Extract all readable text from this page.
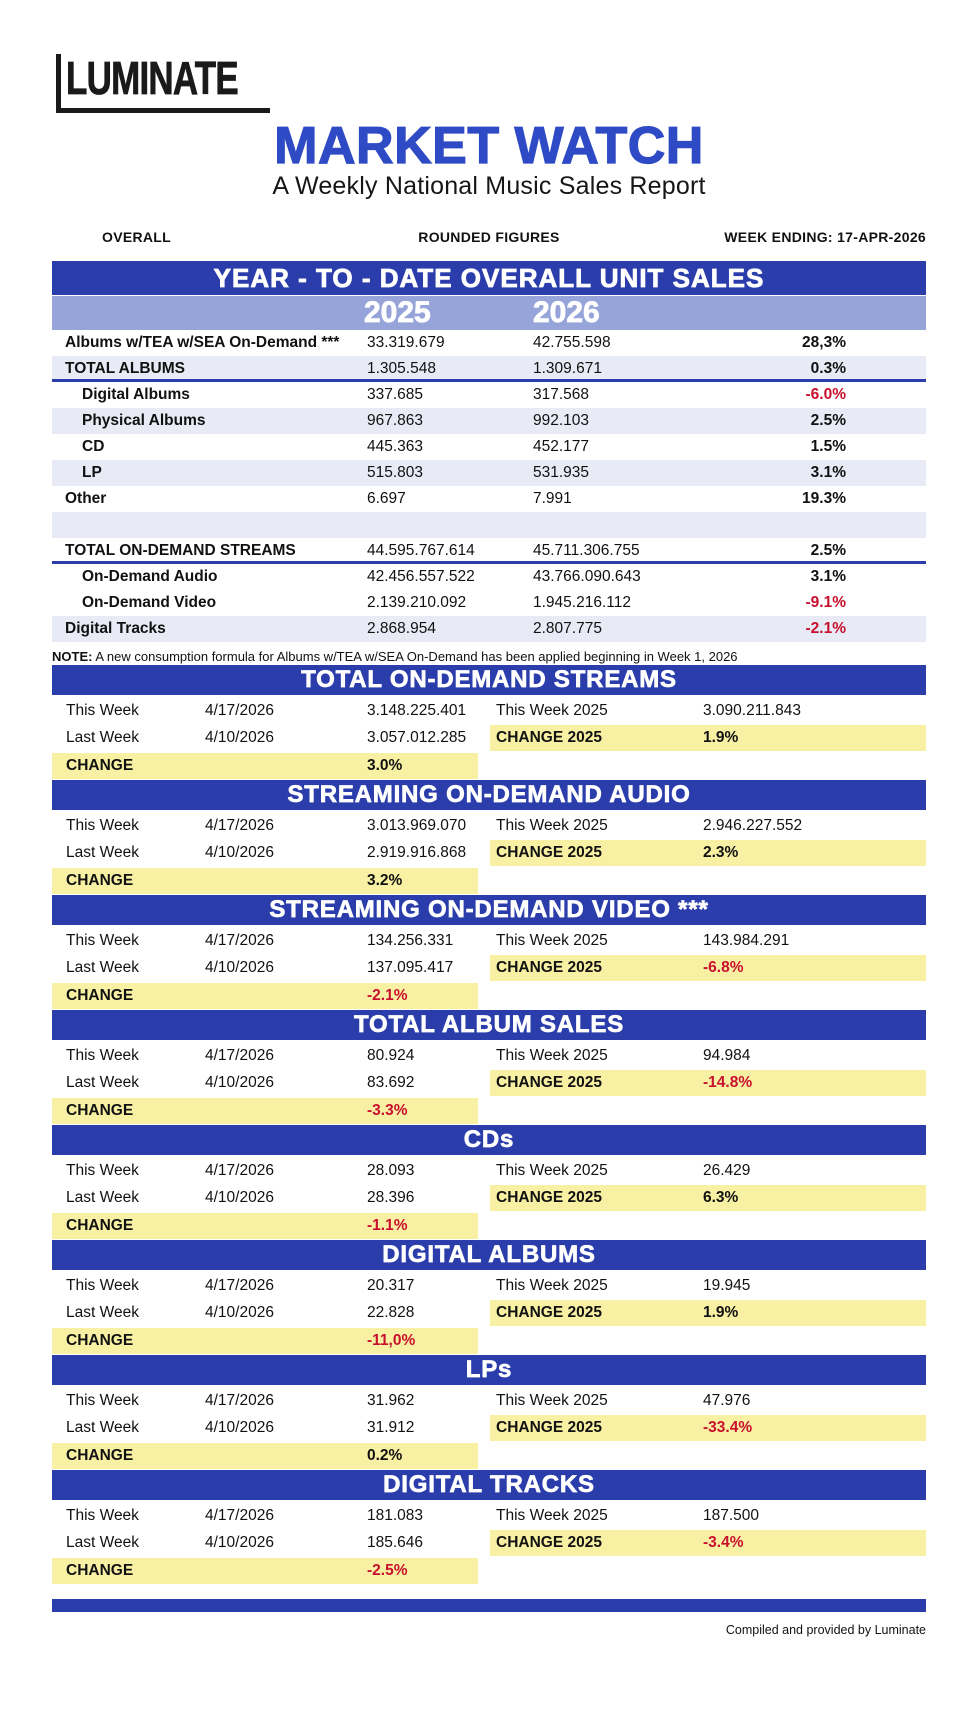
LUMINATE
MARKET WATCH
A Weekly National Music Sales Report
OVERALL	ROUNDED FIGURES	WEEK ENDING: 17-APR-2026
YEAR - TO - DATE OVERALL UNIT SALES
2025	2026
Albums w/TEA w/SEA On-Demand *** 33.319.679	42.755.598	28,3%
TOTAL ALBUMS	1.305.548	1.309.671	0.3%
Digital Albums	337.685	317.568	-6.0%
Physical Albums	967.863	992.103	2.5%
CD	445.363	452.177	1.5%
LP	515.803	531.935	3.1%
Other	6.697	7.991	19.3%
TOTAL ON-DEMAND STREAMS	44.595.767.614	45.711.306.755	2.5%
On-Demand Audio	42.456.557.522	43.766.090.643	3.1%
On-Demand Video	2.139.210.092	1.945.216.112	-9.1%
Digital Tracks	2.868.954	2.807.775	-2.1%
NOTE: A new consumption formula for Albums w/TEA w/SEA On-Demand has been applied beginning in Week 1, 2026
TOTAL ON-DEMAND STREAMS
This Week	4/17/2026	3.148.225.401 This Week 2025	3.090.211.843
Last Week	4/10/2026	3.057.012.285 CHANGE 2025	1.9%
CHANGE	3.0%
STREAMING ON-DEMAND AUDIO
This Week	4/17/2026	3.013.969.070 This Week 2025	2.946.227.552
Last Week	4/10/2026	2.919.916.868 CHANGE 2025	2.3%
CHANGE	3.2%
STREAMING ON-DEMAND VIDEO ***
This Week	4/17/2026	134.256.331	This Week 2025	143.984.291
Last Week	4/10/2026	137.095.417	CHANGE 2025	-6.8%
CHANGE	-2.1%
TOTAL ALBUM SALES
This Week	4/17/2026	80.924	This Week 2025	94.984
Last Week	4/10/2026	83.692	CHANGE 2025	-14.8%
CHANGE	-3.3%
CDs
This Week	4/17/2026	28.093	This Week 2025	26.429
Last Week	4/10/2026	28.396	CHANGE 2025	6.3%
CHANGE	-1.1%
DIGITAL ALBUMS
This Week	4/17/2026	20.317	This Week 2025	19.945
Last Week	4/10/2026	22.828	CHANGE 2025	1.9%
CHANGE	-11,0%
LPs
This Week	4/17/2026	31.962	This Week 2025	47.976
Last Week	4/10/2026	31.912	CHANGE 2025	-33.4%
CHANGE	0.2%
DIGITAL TRACKS
This Week	4/17/2026	181.083	This Week 2025	187.500
Last Week	4/10/2026	185.646	CHANGE 2025	-3.4%
CHANGE	-2.5%
Compiled and provided by Luminate
